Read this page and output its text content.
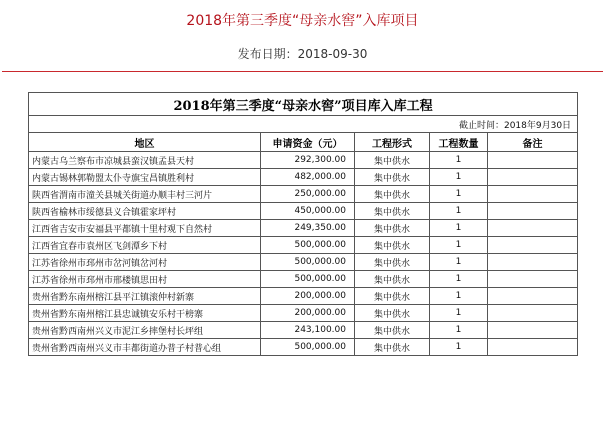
2018年第三季度“母亲水窖”入库项目
发布日期：2018-09-30
2018年第三季度“母亲水窖”项目库入库工程				
截止时间：2018年9月30日				
地区	申请资金（元）	工程形式	工程数量	备注
内蒙古乌兰察布市凉城县蛮汉镇孟县天村	292,300.00	集中供水	1	
内蒙古锡林郭勒盟太仆寺旗宝昌镇胜利村	482,000.00	集中供水	1	
陕西省渭南市潼关县城关街道办顺丰村三河片	250,000.00	集中供水	1	
陕西省榆林市绥德县义合镇霍家坪村	450,000.00	集中供水	1	
江西省吉安市安福县平都镇十里村观下自然村	249,350.00	集中供水	1	
江西省宜春市袁州区飞剑潭乡下村	500,000.00	集中供水	1	
江苏省徐州市邳州市岔河镇岔河村	500,000.00	集中供水	1	
江苏省徐州市邳州市邢楼镇思田村	500,000.00	集中供水	1	
贵州省黔东南州榕江县平江镇滚仲村新寨	200,000.00	集中供水	1	
贵州省黔东南州榕江县忠诚镇安乐村干榜寨	200,000.00	集中供水	1	
贵州省黔西南州兴义市泥江乡摔堡村长坪组	243,100.00	集中供水	1	
贵州省黔西南州兴义市丰都街道办普子村普心组	500,000.00	集中供水	1	
